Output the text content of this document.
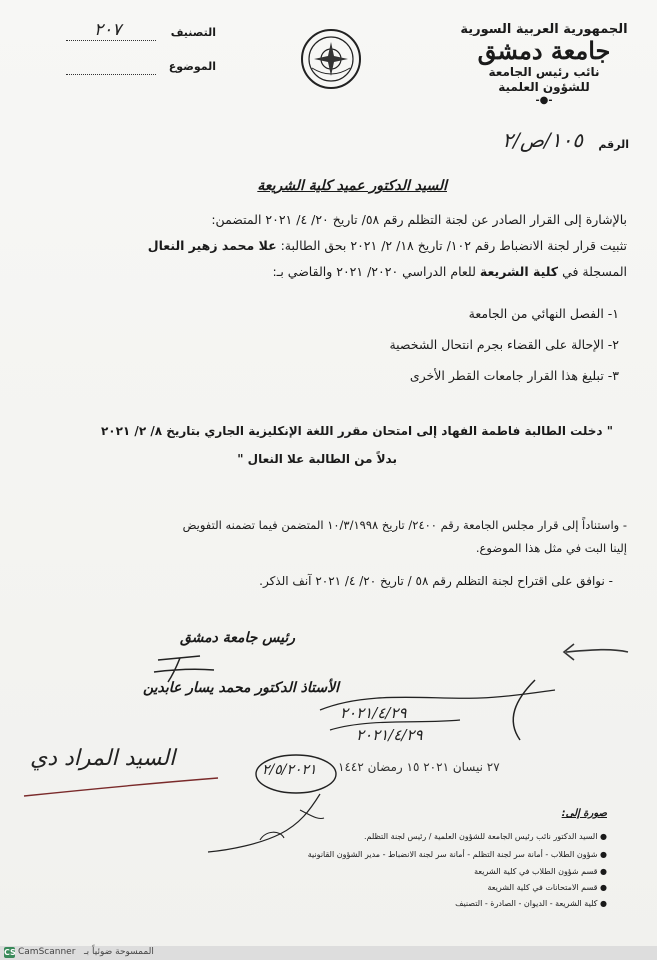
الجمهورية العربية السورية
جامعة دمشق
نائب رئيس الجامعة
للشؤون العلمية
-●-
الرقم
١٠٥/ص/٢
التصنيف
٢٠٧
الموضوع
السيد الدكتور عميد كلية الشريعة
بالإشارة إلى القرار الصادر عن لجنة التظلم رقم ٥٨/ تاريخ ٢٠/ ٤/ ٢٠٢١ المتضمن:
تثبيت قرار لجنة الانضباط رقم ١٠٢/ تاريخ ١٨/ ٢/ ٢٠٢١ بحق الطالبة: علا محمد زهير النعال
المسجلة في كلية الشريعة للعام الدراسي ٢٠٢٠/ ٢٠٢١ والقاضي بـ:
١- الفصل النهائي من الجامعة
٢- الإحالة على القضاء بجرم انتحال الشخصية
٣- تبليغ هذا القرار جامعات القطر الأخرى
" دخلت الطالبة فاطمة الفهاد إلى امتحان مقرر اللغة الإنكليزية الجاري بتاريخ ٨/ ٢/ ٢٠٢١
بدلاً من الطالبة علا النعال "
- واستناداً إلى قرار مجلس الجامعة رقم ٢٤٠٠/ تاريخ ١٠/٣/١٩٩٨ المتضمن فيما تضمنه التفويض
إلينا البت في مثل هذا الموضوع.
- نوافق على اقتراح لجنة التظلم رقم ٥٨ / تاريخ ٢٠/ ٤/ ٢٠٢١ آنف الذكر.
رئيس جامعة دمشق
الأستاذ الدكتور محمد يسار عابدين
٢٠٢١/٤/٢٩
٢٠٢١/٤/٢٩
السيد المراد دي	٢٧ نيسان ٢٠٢١ ١٥ رمضان ١٤٤٢
٢/٥/٢٠٢١
صورة إلى:
● السيد الدكتور نائب رئيس الجامعة للشؤون العلمية / رئيس لجنة التظلم.
● شؤون الطلاب - أمانة سر لجنة التظلم - أمانة سر لجنة الانضباط - مدير الشؤون القانونية
● قسم شؤون الطلاب في كلية الشريعة
● قسم الامتحانات في كلية الشريعة
● كلية الشريعة - الديوان - الصادرة - التصنيف
CS CamScanner الممسوحة ضوئياً بـ
